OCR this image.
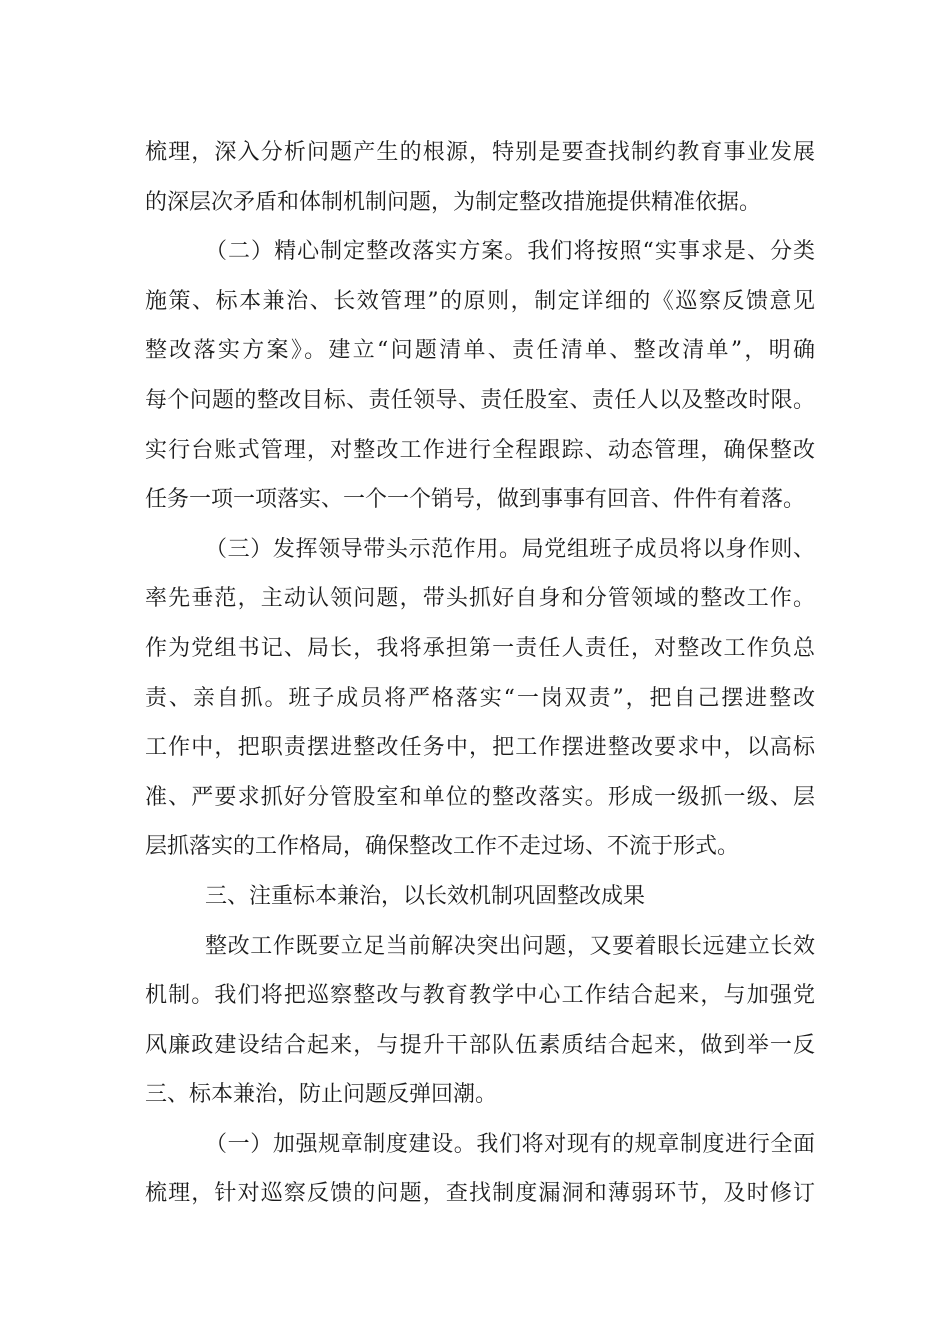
梳理，深入分析问题产生的根源，特别是要查找制约教育事业发展
的深层次矛盾和体制机制问题，为制定整改措施提供精准依据。
（二）精心制定整改落实方案。我们将按照“实事求是、分类
施策、标本兼治、长效管理”的原则，制定详细的《巡察反馈意见
整改落实方案》。建立“问题清单、责任清单、整改清单”，明确
每个问题的整改目标、责任领导、责任股室、责任人以及整改时限。
实行台账式管理，对整改工作进行全程跟踪、动态管理，确保整改
任务一项一项落实、一个一个销号，做到事事有回音、件件有着落。
（三）发挥领导带头示范作用。局党组班子成员将以身作则、
率先垂范，主动认领问题，带头抓好自身和分管领域的整改工作。
作为党组书记、局长，我将承担第一责任人责任，对整改工作负总
责、亲自抓。班子成员将严格落实“一岗双责”，把自己摆进整改
工作中，把职责摆进整改任务中，把工作摆进整改要求中，以高标
准、严要求抓好分管股室和单位的整改落实。形成一级抓一级、层
层抓落实的工作格局，确保整改工作不走过场、不流于形式。
三、注重标本兼治，以长效机制巩固整改成果
整改工作既要立足当前解决突出问题，又要着眼长远建立长效
机制。我们将把巡察整改与教育教学中心工作结合起来，与加强党
风廉政建设结合起来，与提升干部队伍素质结合起来，做到举一反
三、标本兼治，防止问题反弹回潮。
（一）加强规章制度建设。我们将对现有的规章制度进行全面
梳理，针对巡察反馈的问题，查找制度漏洞和薄弱环节，及时修订
